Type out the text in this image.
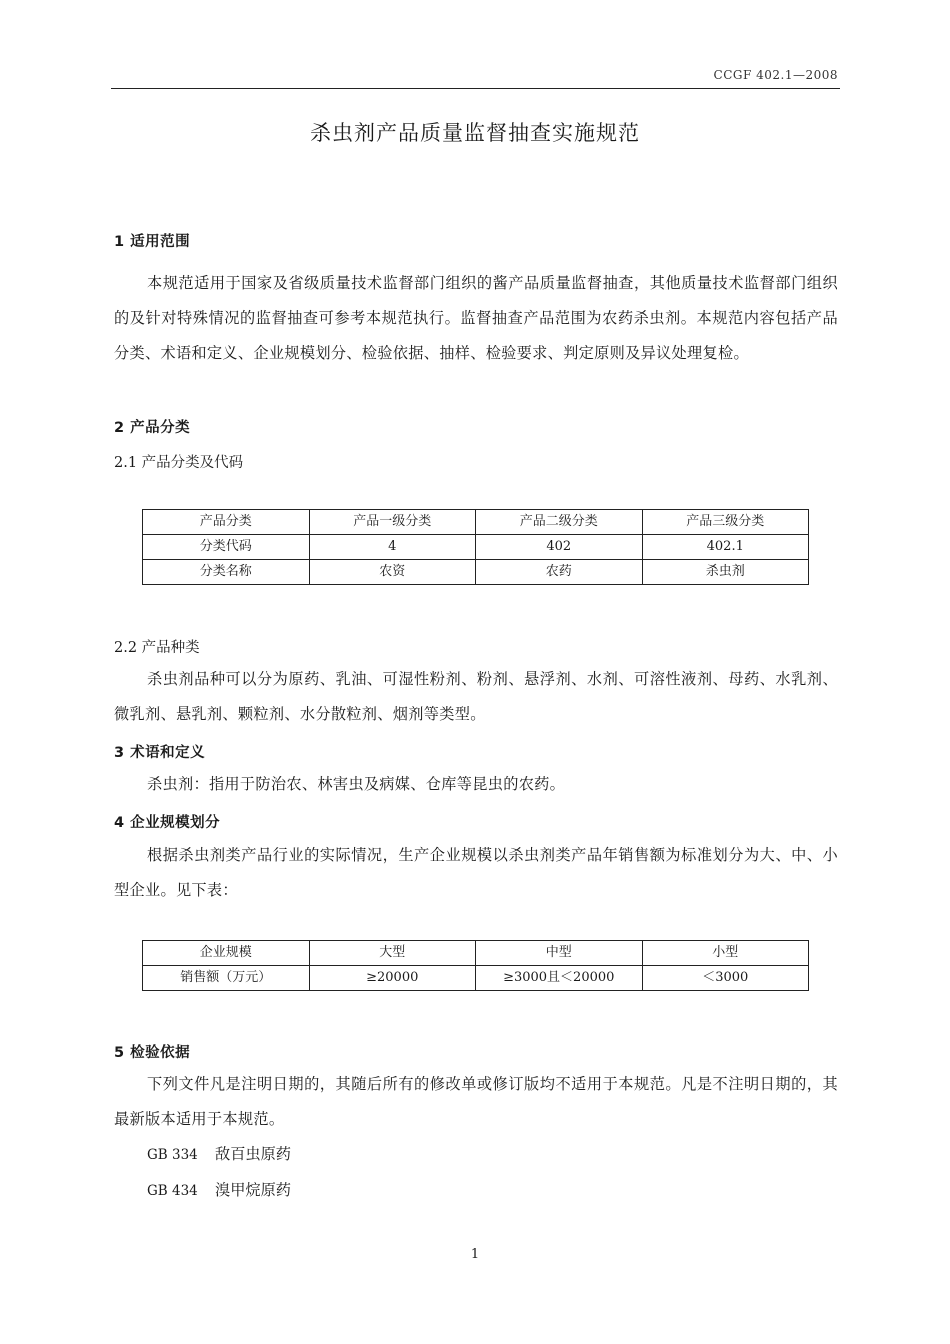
CCGF 402.1—2008
杀虫剂产品质量监督抽查实施规范
1 适用范围
本规范适用于国家及省级质量技术监督部门组织的酱产品质量监督抽查，其他质量技术监督部门组织的及针对特殊情况的监督抽查可参考本规范执行。监督抽查产品范围为农药杀虫剂。本规范内容包括产品分类、术语和定义、企业规模划分、检验依据、抽样、检验要求、判定原则及异议处理复检。
2 产品分类
2.1 产品分类及代码
产品分类	产品一级分类	产品二级分类	产品三级分类
分类代码	4	402	402.1
分类名称	农资	农药	杀虫剂
2.2 产品种类
杀虫剂品种可以分为原药、乳油、可湿性粉剂、粉剂、悬浮剂、水剂、可溶性液剂、母药、水乳剂、微乳剂、悬乳剂、颗粒剂、水分散粒剂、烟剂等类型。
3 术语和定义
杀虫剂：指用于防治农、林害虫及病媒、仓库等昆虫的农药。
4 企业规模划分
根据杀虫剂类产品行业的实际情况，生产企业规模以杀虫剂类产品年销售额为标准划分为大、中、小型企业。见下表：
企业规模	大型	中型	小型
销售额（万元）	≥20000	≥3000且＜20000	＜3000
5 检验依据
下列文件凡是注明日期的，其随后所有的修改单或修订版均不适用于本规范。凡是不注明日期的，其最新版本适用于本规范。
GB 334 敌百虫原药
GB 434 溴甲烷原药
1
